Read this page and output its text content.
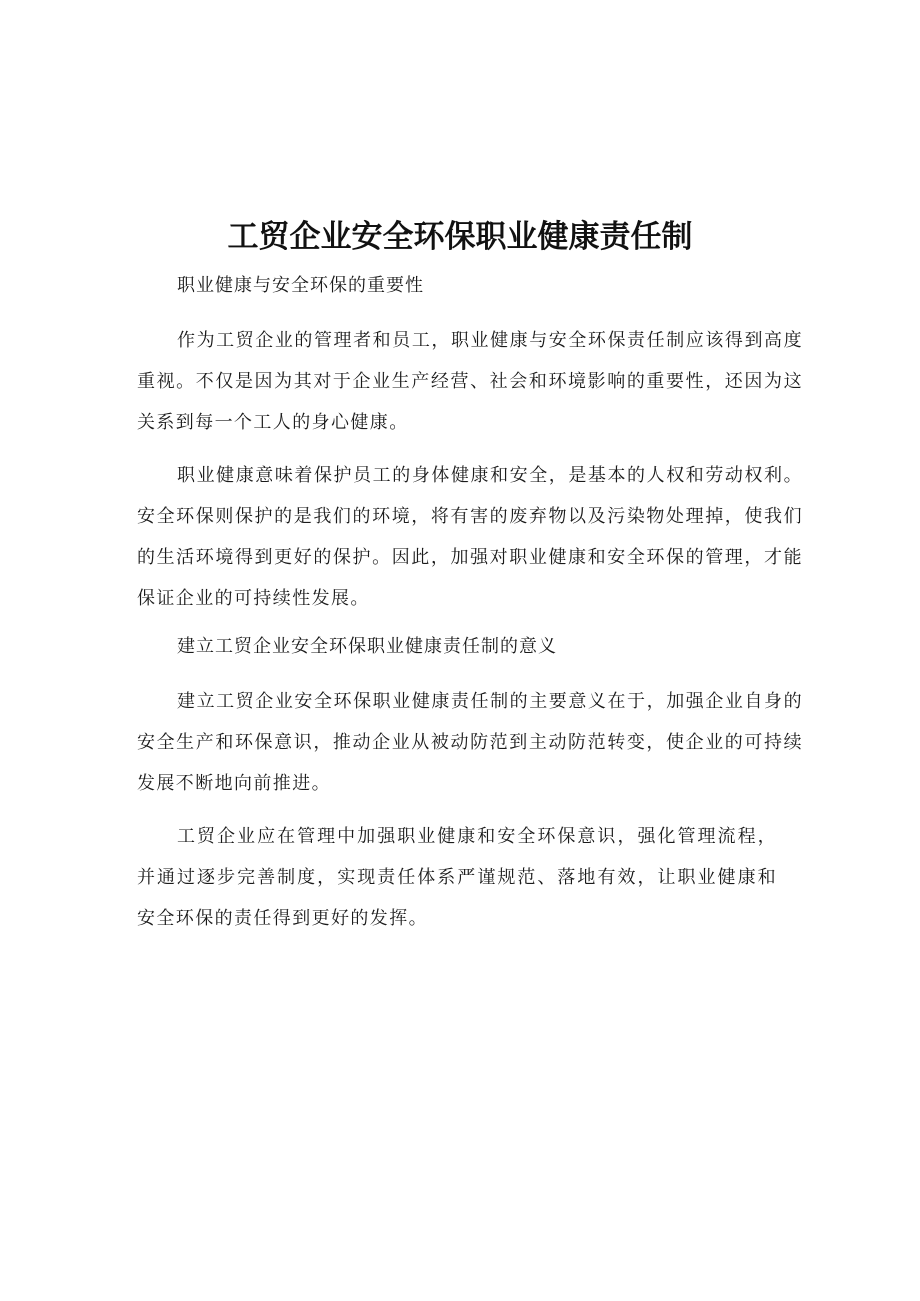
工贸企业安全环保职业健康责任制

职业健康与安全环保的重要性

作为工贸企业的管理者和员工，职业健康与安全环保责任制应该得到高度重视。不仅是因为其对于企业生产经营、社会和环境影响的重要性，还因为这关系到每一个工人的身心健康。

职业健康意味着保护员工的身体健康和安全，是基本的人权和劳动权利。安全环保则保护的是我们的环境，将有害的废弃物以及污染物处理掉，使我们的生活环境得到更好的保护。因此，加强对职业健康和安全环保的管理，才能保证企业的可持续性发展。

建立工贸企业安全环保职业健康责任制的意义

建立工贸企业安全环保职业健康责任制的主要意义在于，加强企业自身的安全生产和环保意识，推动企业从被动防范到主动防范转变，使企业的可持续发展不断地向前推进。

工贸企业应在管理中加强职业健康和安全环保意识，强化管理流程，并通过逐步完善制度，实现责任体系严谨规范、落地有效，让职业健康和安全环保的责任得到更好的发挥。
